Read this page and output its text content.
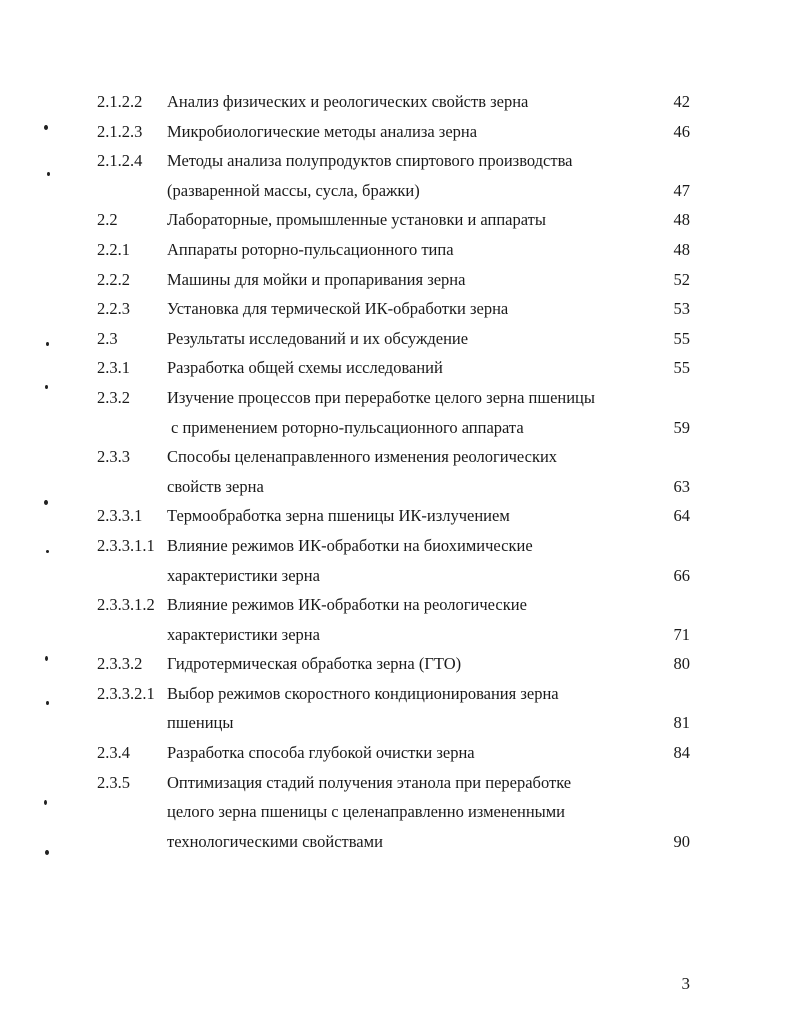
2.1.2.2 Анализ физических и реологических свойств зерна	42
2.1.2.3 Микробиологические методы анализа зерна	46
2.1.2.4 Методы анализа полупродуктов спиртового производства
(разваренной массы, сусла, бражки)	47
2.2	Лабораторные, промышленные установки и аппараты	48
2.2.1 Аппараты роторно-пульсационного типа	48
2.2.2 Машины для мойки и пропаривания зерна	52
2.2.3 Установка для термической ИК-обработки зерна	53
2.3	Результаты исследований и их обсуждение	55
2.3.1 Разработка общей схемы исследований	55
2.3.2 Изучение процессов при переработке целого зерна пшеницы
с применением роторно-пульсационного аппарата	59
2.3.3 Способы целенаправленного изменения реологических
свойств зерна	63
2.3.3.1 Термообработка зерна пшеницы ИК-излучением	64
2.3.3.1.1 Влияние режимов ИК-обработки на биохимические
характеристики зерна	66
2.3.3.1.2 Влияние режимов ИК-обработки на реологические
характеристики зерна	71
2.3.3.2 Гидротермическая обработка зерна (ГТО)	80
2.3.3.2.1 Выбор режимов скоростного кондиционирования зерна
пшеницы	81
2.3.4 Разработка способа глубокой очистки зерна	84
2.3.5 Оптимизация стадий получения этанола при переработке
целого зерна пшеницы с целенаправленно измененными
технологическими свойствами	90
3
